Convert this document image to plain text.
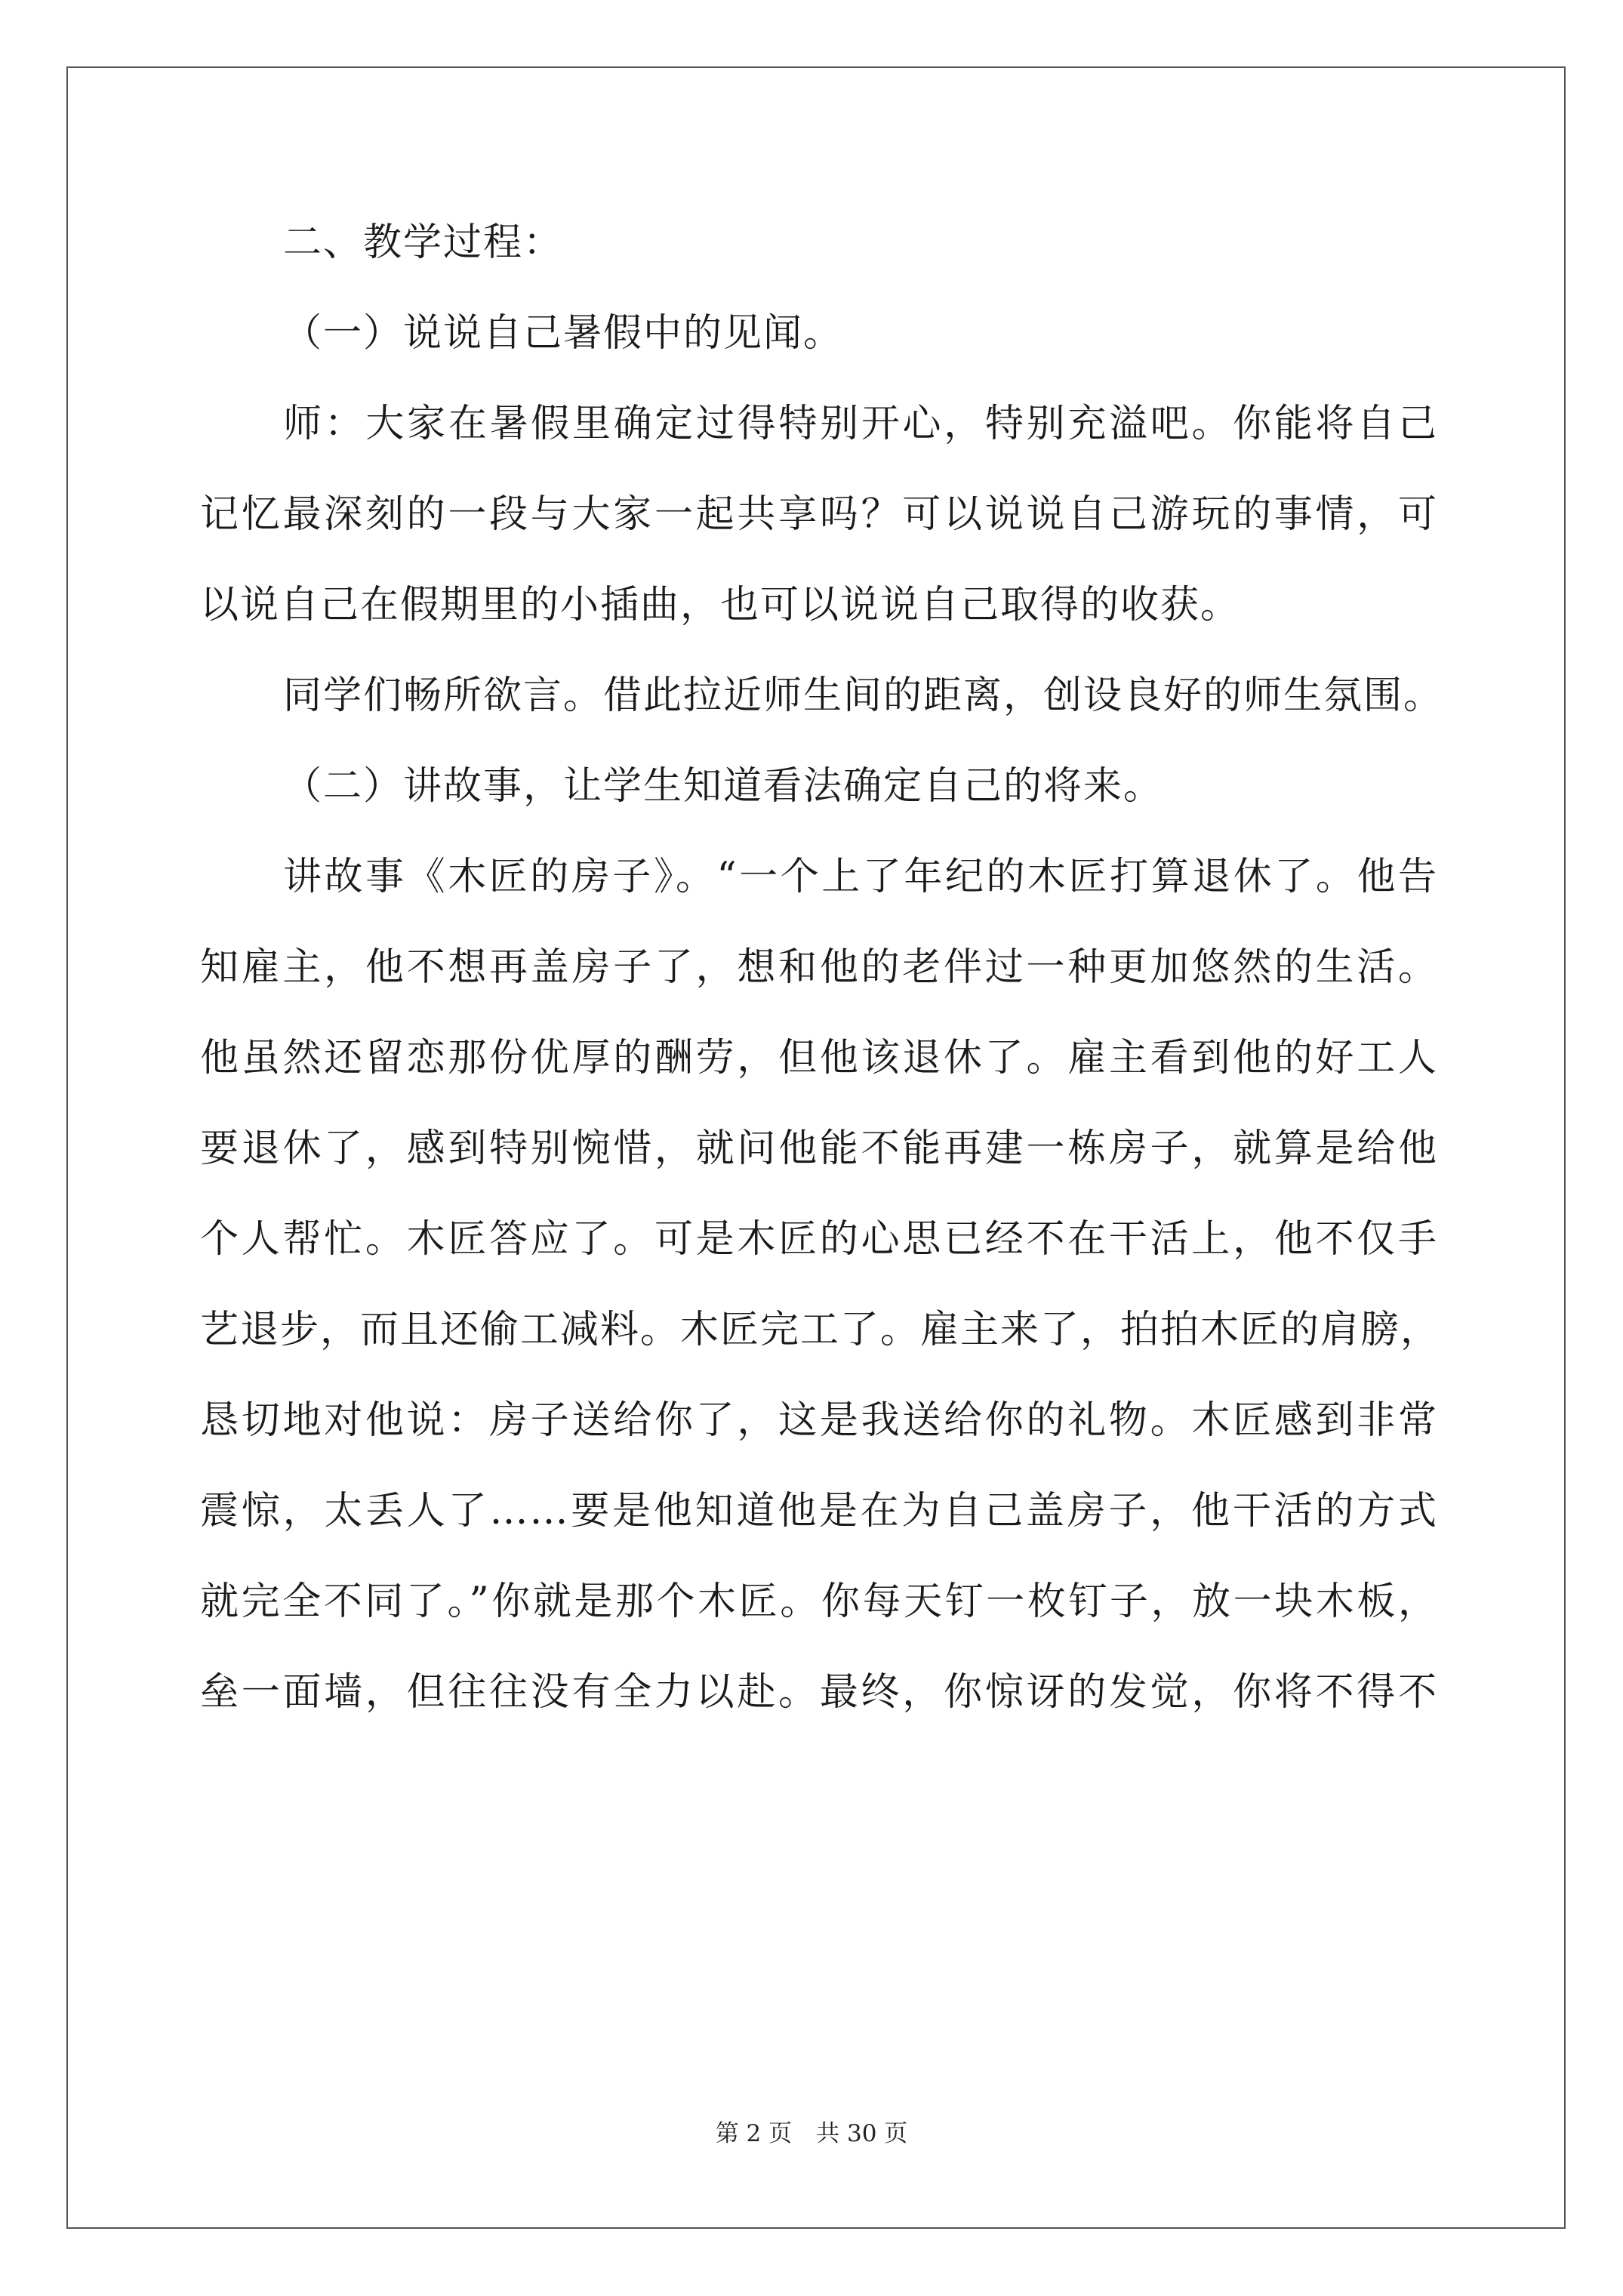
二、教学过程：
（一）说说自己暑假中的见闻。
师：大家在暑假里确定过得特别开心，特别充溢吧。你能将自己
记忆最深刻的一段与大家一起共享吗？可以说说自己游玩的事情，可
以说自己在假期里的小插曲，也可以说说自己取得的收获。
同学们畅所欲言。借此拉近师生间的距离，创设良好的师生氛围。
（二）讲故事，让学生知道看法确定自己的将来。
讲故事《木匠的房子》。“一个上了年纪的木匠打算退休了。他告
知雇主，他不想再盖房子了，想和他的老伴过一种更加悠然的生活。
他虽然还留恋那份优厚的酬劳，但他该退休了。雇主看到他的好工人
要退休了，感到特别惋惜，就问他能不能再建一栋房子，就算是给他
个人帮忙。木匠答应了。可是木匠的心思已经不在干活上，他不仅手
艺退步，而且还偷工减料。木匠完工了。雇主来了，拍拍木匠的肩膀，
恳切地对他说：房子送给你了，这是我送给你的礼物。木匠感到非常
震惊，太丢人了……要是他知道他是在为自己盖房子，他干活的方式
就完全不同了。”你就是那个木匠。你每天钉一枚钉子，放一块木板，
垒一面墙，但往往没有全力以赴。最终，你惊讶的发觉，你将不得不
第 2 页 共 30 页
